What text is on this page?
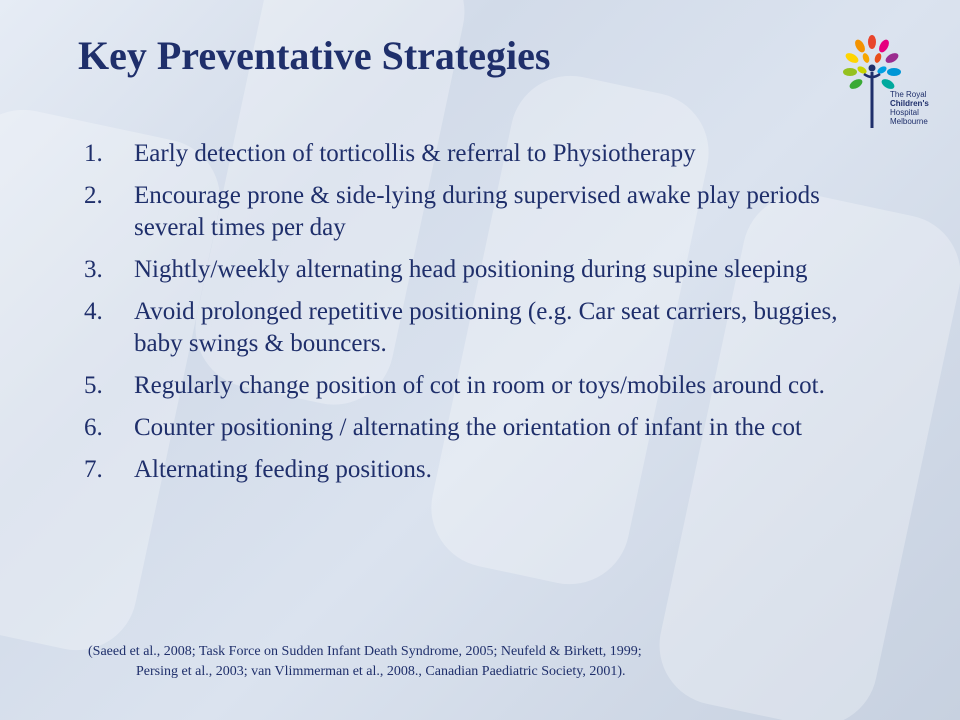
Key Preventative Strategies
The Royal
Children's
Hospital
Melbourne
1.	Early detection of torticollis & referral to Physiotherapy
2.	Encourage prone & side-lying during supervised awake play periods several times per day
3.	Nightly/weekly alternating head positioning during supine sleeping
4.	Avoid prolonged repetitive positioning (e.g. Car seat carriers, buggies, baby swings & bouncers.
5.	Regularly change position of cot in room or toys/mobiles around cot.
6.	Counter positioning / alternating the orientation of infant in the cot
7.	Alternating feeding positions.
(Saeed et al., 2008; Task Force on Sudden Infant Death Syndrome, 2005; Neufeld & Birkett, 1999;
Persing et al., 2003; van Vlimmerman et al., 2008., Canadian Paediatric Society, 2001).
